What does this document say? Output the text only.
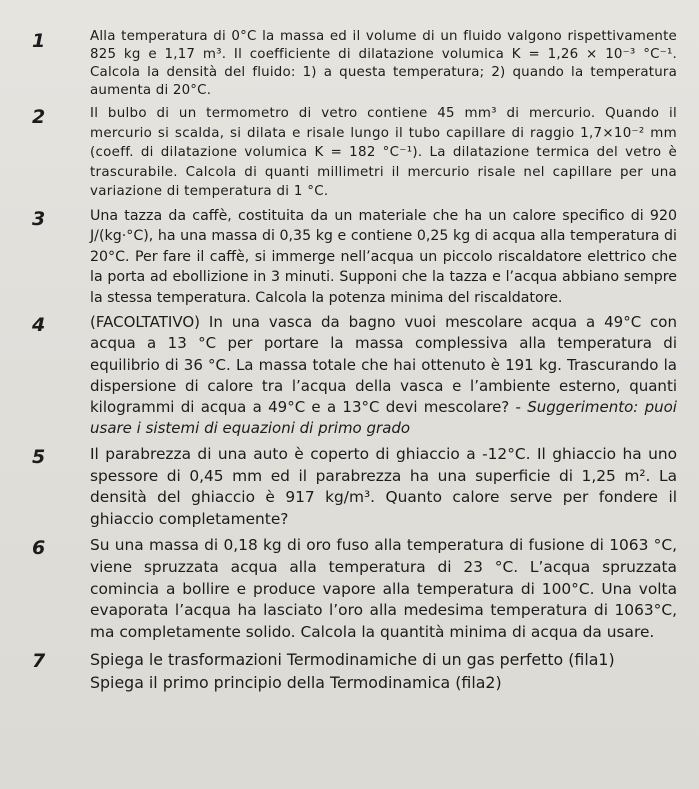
1	Alla temperatura di 0°C la massa ed il volume di un fluido valgono rispettivamente 825 kg e 1,17 m³. Il coefficiente di dilatazione volumica K = 1,26 × 10⁻³ °C⁻¹. Calcola la densità del fluido: 1) a questa temperatura; 2) quando la temperatura aumenta di 20°C.

2	Il bulbo di un termometro di vetro contiene 45 mm³ di mercurio. Quando il mercurio si scalda, si dilata e risale lungo il tubo capillare di raggio 1,7×10⁻² mm (coeff. di dilatazione volumica K = 182 °C⁻¹). La dilatazione termica del vetro è trascurabile. Calcola di quanti millimetri il mercurio risale nel capillare per una variazione di temperatura di 1 °C.

3	Una tazza da caffè, costituita da un materiale che ha un calore specifico di 920 J/(kg·°C), ha una massa di 0,35 kg e contiene 0,25 kg di acqua alla temperatura di 20°C. Per fare il caffè, si immerge nell’acqua un piccolo riscaldatore elettrico che la porta ad ebollizione in 3 minuti. Supponi che la tazza e l’acqua abbiano sempre la stessa temperatura. Calcola la potenza minima del riscaldatore.

4	(FACOLTATIVO) In una vasca da bagno vuoi mescolare acqua a 49°C con acqua a 13 °C per portare la massa complessiva alla temperatura di equilibrio di 36 °C. La massa totale che hai ottenuto è 191 kg. Trascurando la dispersione di calore tra l’acqua della vasca e l’ambiente esterno, quanti kilogrammi di acqua a 49°C e a 13°C devi mescolare? - Suggerimento: puoi usare i sistemi di equazioni di primo grado

5	Il parabrezza di una auto è coperto di ghiaccio a -12°C. Il ghiaccio ha uno spessore di 0,45 mm ed il parabrezza ha una superficie di 1,25 m². La densità del ghiaccio è 917 kg/m³. Quanto calore serve per fondere il ghiaccio completamente?

6	Su una massa di 0,18 kg di oro fuso alla temperatura di fusione di 1063 °C, viene spruzzata acqua alla temperatura di 23 °C. L’acqua spruzzata comincia a bollire e produce vapore alla temperatura di 100°C. Una volta evaporata l’acqua ha lasciato l’oro alla medesima temperatura di 1063°C, ma completamente solido. Calcola la quantità minima di acqua da usare.

7	Spiega le trasformazioni Termodinamiche di un gas perfetto (fila1)

Spiega il primo principio della Termodinamica (fila2)
